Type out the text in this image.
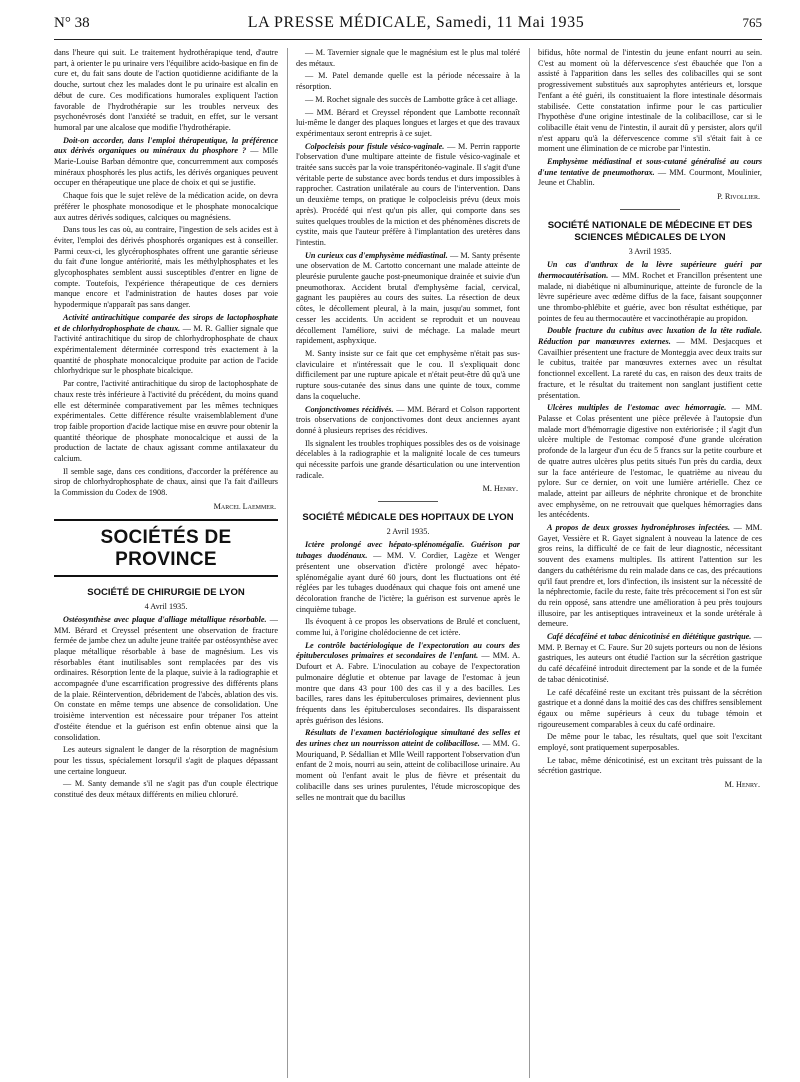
N° 38	LA PRESSE MÉDICALE, Samedi, 11 Mai 1935	765

dans l'heure qui suit. Le traitement hydrothérapique tend, d'autre part, à orienter le pu urinaire vers l'équilibre acido-basique en fin de cure et, du fait sans doute de l'action quotidienne acidifiante de la douche, surtout chez les malades dont le pu urinaire est alcalin en début de cure. Ces modifications humorales expliquent l'action favorable de l'hydrothérapie sur les troubles nerveux des psychonévrosés dont l'anxiété se traduit, en effet, sur le versant humoral par une alcalose que modifie l'hydrothérapie.

Doit-on accorder, dans l'emploi thérapeutique, la préférence aux dérivés organiques ou minéraux du phosphore ? — Mlle Marie-Louise Barban démontre que, concurremment aux composés minéraux phosphorés les plus actifs, les dérivés organiques peuvent occuper en thérapeutique une place de choix et qui se justifie.

Chaque fois que le sujet relève de la médication acide, on devra préférer le phosphate monosodique et le phosphate monocalcique aux autres dérivés sodiques, calciques ou magnésiens.

Dans tous les cas où, au contraire, l'ingestion de sels acides est à éviter, l'emploi des dérivés phosphorés organiques est à conseiller. Parmi ceux-ci, les glycérophosphates offrent une garantie sérieuse du fait d'une longue antériorité, mais les méthylphosphates et les glycophosphates semblent aussi susceptibles d'entrer en ligne de compte. Toutefois, l'expérience thérapeutique de ces derniers manque encore et l'administration de hautes doses par voie hypodermique n'apparaît pas sans danger.

Activité antirachitique comparée des sirops de lactophosphate et de chlorhydrophosphate de chaux. — M. R. Gallier signale que l'activité antirachitique du sirop de chlorhydrophosphate de chaux expérimentalement déterminée correspond très exactement à la quantité de phosphate monocalcique produite par action de l'acide chlorhydrique sur le phosphate bicalcique.

Par contre, l'activité antirachitique du sirop de lactophosphate de chaux reste très inférieure à l'activité du précédent, du moins quand elle est déterminée comparativement par les mêmes techniques expérimentales. Cette différence résulte vraisemblablement d'une trop faible proportion d'acide lactique mise en œuvre pour obtenir la quantité théorique de phosphate monocalcique et aussi de la production de lactate de chaux agissant comme antilaxateur du calcium.

Il semble sage, dans ces conditions, d'accorder la préférence au sirop de chlorhydrophosphate de chaux, ainsi que l'a fait d'ailleurs la Commission du Codex de 1908.

Marcel Laemmer.
SOCIÉTÉS DE PROVINCE
SOCIÉTÉ DE CHIRURGIE DE LYON
4 Avril 1935.

Ostéosynthèse avec plaque d'alliage métallique résorbable. — MM. Bérard et Creyssel présentent une observation de fracture fermée de jambe chez un adulte jeune traitée par ostéosynthèse avec plaque métallique résorbable à base de magnésium. Les vis résorbables étant inutilisables sont remplacées par des vis ordinaires. Résorption lente de la plaque, suivie à la radiographie et accompagnée d'une escarrification progressive des différents plans de la plaie. Réintervention, débridement de l'abcès, ablation des vis. On constate en même temps une absence de consolidation. Une troisième intervention est nécessaire pour trépaner l'os atteint d'ostéite étendue et la guérison est enfin obtenue ainsi que la consolidation.

Les auteurs signalent le danger de la résorption de magnésium pour les tissus, spécialement lorsqu'il s'agit de plaques dépassant une certaine longueur.

— M. Santy demande s'il ne s'agit pas d'un couple électrique constitué des deux métaux différents en milieu chloruré.

— M. Tavernier signale que le magnésium est le plus mal toléré des métaux.

— M. Patel demande quelle est la période nécessaire à la résorption.

— M. Rochet signale des succès de Lambotte grâce à cet alliage.

— MM. Bérard et Creyssel répondent que Lambotte reconnaît lui-même le danger des plaques longues et larges et que des travaux expérimentaux seront entrepris à ce sujet.

Colpocleisis pour fistule vésico-vaginale. — M. Perrin rapporte l'observation d'une multipare atteinte de fistule vésico-vaginale et traitée sans succès par la voie transpéritonéo-vaginale. Il s'agit d'une véritable perte de substance avec bords tendus et durs impossibles à rapprocher. Castration unilatérale au cours de l'intervention. Dans un deuxième temps, on pratique le colpocleisis prévu (deux mois après). Procédé qui n'est qu'un pis aller, qui comporte dans ses suites quelques troubles de la miction et des phénomènes discrets de cystite, mais que l'auteur préfère à l'implantation des uretères dans l'intestin.

Un curieux cas d'emphysème médiastinal. — M. Santy présente une observation de M. Cartotto concernant une malade atteinte de pleurésie purulente gauche post-pneumonique drainée et suivie d'un pneumothorax. Accident brutal d'emphysème facial, cervical, gagnant les paupières au cours des suites. La résection de deux côtes, le décollement pleural, à la main, jusqu'au sommet, font cesser les accidents. Un accident se reproduit et un nouveau décollement l'améliore, suivi de méchage. La malade meurt rapidement, asphyxique.

M. Santy insiste sur ce fait que cet emphysème n'était pas sus-claviculaire et n'intéressait que le cou. Il s'expliquait donc difficilement par une rupture apicale et n'était peut-être dû qu'à une rupture sous-cutanée des sinus dans une quinte de toux, comme dans la coqueluche.

Conjonctivomes récidivés. — MM. Bérard et Colson rapportent trois observations de conjonctivomes dont deux anciennes ayant donné à plusieurs reprises des récidives.

Ils signalent les troubles trophiques possibles des os de voisinage décelables à la radiographie et la malignité locale de ces tumeurs qui nécessite parfois une grande désarticulation ou une intervention radicale.

M. Henry.
SOCIÉTÉ MÉDICALE DES HOPITAUX DE LYON
2 Avril 1935.

Ictère prolongé avec hépato-splénomégalie. Guérison par tubages duodénaux. — MM. V. Cordier, Lagèze et Wenger présentent une observation d'ictère prolongé avec hépato-splénomégalie ayant duré 60 jours, dont les fluctuations ont été réglées par les tubages duodénaux qui chaque fois ont amené une décoloration franche de l'ictère; la guérison est survenue après le cinquième tubage.

Ils évoquent à ce propos les observations de Brulé et concluent, comme lui, à l'origine cholédocienne de cet ictère.

Le contrôle bactériologique de l'expectoration au cours des épituberculoses primaires et secondaires de l'enfant. — MM. A. Dufourt et A. Fabre. L'inoculation au cobaye de l'expectoration pulmonaire déglutie et obtenue par lavage de l'estomac à jeun montre que dans 43 pour 100 des cas il y a des bacilles. Les bacilles, rares dans les épituberculoses primaires, deviennent plus fréquents dans les épituberculoses secondaires. Ils disparaissent après guérison des lésions.

Résultats de l'examen bactériologique simultané des selles et des urines chez un nourrisson atteint de colibacillose. — MM. G. Mouriquand, P. Sédallian et Mlle Weill rapportent l'observation d'un enfant de 2 mois, nourri au sein, atteint de colibacillose urinaire. Au moment où l'enfant avait le plus de fièvre et présentait du colibacille dans ses urines purulentes, l'étude microscopique des selles ne montrait que du bacillus

bifidus, hôte normal de l'intestin du jeune enfant nourri au sein. C'est au moment où la défervescence s'est ébauchée que l'on a assisté à l'apparition dans les selles des colibacilles qui se sont progressivement substitués aux saprophytes antérieurs et, lorsque l'enfant a été guéri, ils constituaient la flore intestinale désormais stabilisée. Cette constatation infirme pour le cas particulier l'hypothèse d'une origine intestinale de la colibacillose, car si le colibacille était venu de l'intestin, il aurait dû y persister, alors qu'il n'est apparu qu'à la défervescence comme s'il s'était fait à ce moment une élimination de ce microbe par l'intestin.

Emphysème médiastinal et sous-cutané généralisé au cours d'une tentative de pneumothorax. — MM. Courmont, Moulinier, Jeune et Chablin.

P. Rivollier.
SOCIÉTÉ NATIONALE DE MÉDECINE ET DES SCIENCES MÉDICALES DE LYON
3 Avril 1935.

Un cas d'anthrax de la lèvre supérieure guéri par thermocautérisation. — MM. Rochet et Francillon présentent une malade, ni diabétique ni albuminurique, atteinte de furoncle de la lèvre supérieure avec œdème diffus de la face, faisant soupçonner une thrombo-phlébite et guérie, avec bon résultat esthétique, par pointes de feu au thermocautère et vaccinothérapie au propidon.

Double fracture du cubitus avec luxation de la tête radiale. Réduction par manœuvres externes. — MM. Desjacques et Cavailhier présentent une fracture de Monteggia avec deux traits sur le cubitus, traitée par manœuvres externes avec un résultat fonctionnel excellent. La rareté du cas, en raison des deux traits de fracture, et le résultat du traitement non sanglant justifient cette présentation.

Ulcères multiples de l'estomac avec hémorragie. — MM. Palasse et Colas présentent une pièce prélevée à l'autopsie d'un malade mort d'hémorragie digestive non extériorisée ; il s'agit d'un ulcère multiple de l'estomac composé d'une grande ulcération profonde de la largeur d'un écu de 5 francs sur la petite courbure et de quatre autres ulcères plus petits situés l'un près du cardia, deux sur la face antérieure de l'estomac, le quatrième au niveau du pylore. Sur ce dernier, on voit une lumière artérielle. Chez ce malade, atteint par ailleurs de néphrite chronique et de bronchite avec emphysème, on ne retrouvait que quelques hémorragies dans les antécédents.

A propos de deux grosses hydronéphroses infectées. — MM. Gayet, Vessière et R. Gayet signalent à nouveau la latence de ces gros reins, la difficulté de ce fait de leur diagnostic, nécessitant souvent des examens multiples. Ils attirent l'attention sur les dangers du cathétérisme du rein malade dans ce cas, des précautions qu'il faut prendre et, lors d'infection, ils insistent sur la nécessité de la néphrectomie, facile du reste, faite très précocement si l'on est sûr du rein opposé, sans attendre une amélioration à peu près toujours illusoire, par les antiseptiques intraveineux et la sonde urétérale à demeure.

Café décaféiné et tabac dénicotinisé en diététique gastrique. — MM. P. Bernay et C. Faure. Sur 20 sujets porteurs ou non de lésions gastriques, les auteurs ont étudié l'action sur la sécrétion gastrique du café décaféiné introduit directement par la sonde et de la fumée de tabac dénicotinisé.

Le café décaféiné reste un excitant très puissant de la sécrétion gastrique et a donné dans la moitié des cas des chiffres sensiblement égaux ou même supérieurs à ceux du tubage témoin et rigoureusement comparables à ceux du café ordinaire.

De même pour le tabac, les résultats, quel que soit l'excitant employé, sont pratiquement superposables.

Le tabac, même dénicotinisé, est un excitant très puissant de la sécrétion gastrique.

M. Henry.
